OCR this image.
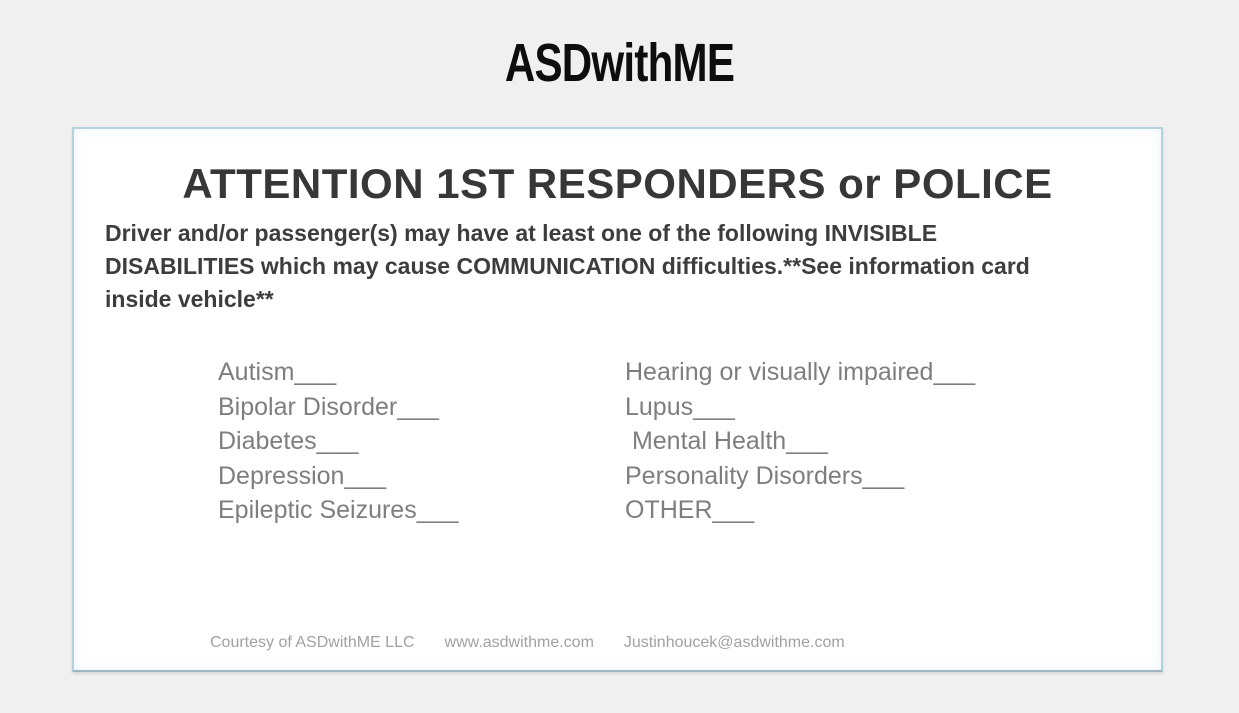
ASDwithME
ATTENTION 1ST RESPONDERS or POLICE
Driver and/or passenger(s) may have at least one of the following INVISIBLE
DISABILITIES which may cause COMMUNICATION difficulties.**See information card
inside vehicle**
Autism___
Bipolar Disorder___
Diabetes___
Depression___
Epileptic Seizures___
Hearing or visually impaired___
Lupus___
Mental Health___
Personality Disorders___
OTHER___
Courtesy of ASDwithME LLC www.asdwithme.com Justinhoucek@asdwithme.com
